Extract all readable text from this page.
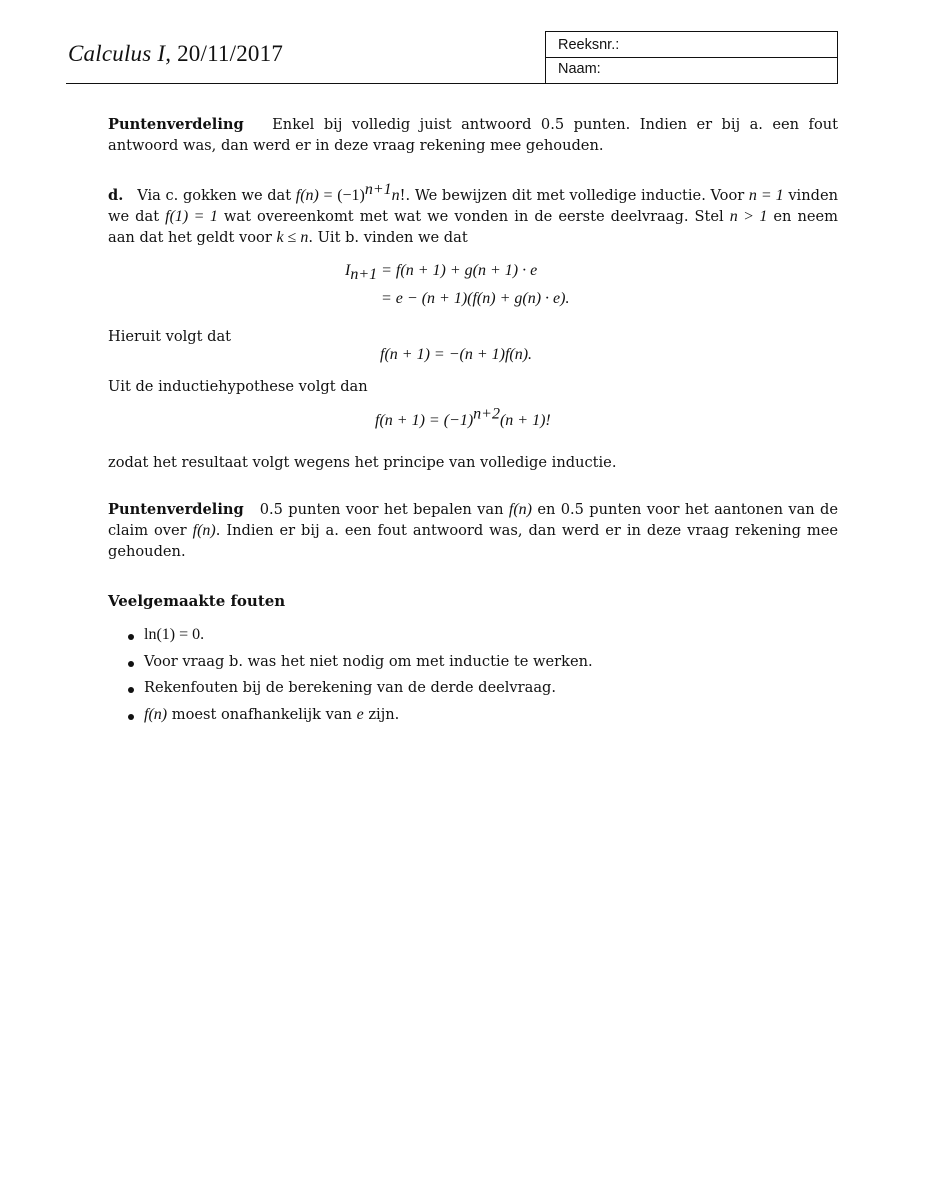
Calculus I, 20/11/2017	Reeksnr.:
Naam:
Puntenverdeling Enkel bij volledig juist antwoord 0.5 punten. Indien er bij a. een fout antwoord was, dan werd er in deze vraag rekening mee gehouden.
d. Via c. gokken we dat $f(n) = (-1)^{n+1}n$!. We bewijzen dit met volledige inductie. Voor n = 1 vinden we dat f(1) = 1 wat overeenkomt met wat we vonden in de eerste deelvraag. Stel n > 1 en neem aan dat het geldt voor k ≤ n. Uit b. vinden we dat
$I_{n+1} = f(n + 1) + g(n + 1) \cdot e$
= e − (n + 1)(f(n) + g(n) · e).
Hieruit volgt dat
f(n + 1) = −(n + 1)f(n).
Uit de inductiehypothese volgt dan
$f(n + 1) = (-1)^{n+2}(n + 1)$!
zodat het resultaat volgt wegens het principe van volledige inductie.
Puntenverdeling 0.5 punten voor het bepalen van f(n) en 0.5 punten voor het aantonen van de claim over f(n). Indien er bij a. een fout antwoord was, dan werd er in deze vraag rekening mee gehouden.
Veelgemaakte fouten
ln(1) = 0.
Voor vraag b. was het niet nodig om met inductie te werken.
Rekenfouten bij de berekening van de derde deelvraag.
f(n) moest onafhankelijk van e zijn.
